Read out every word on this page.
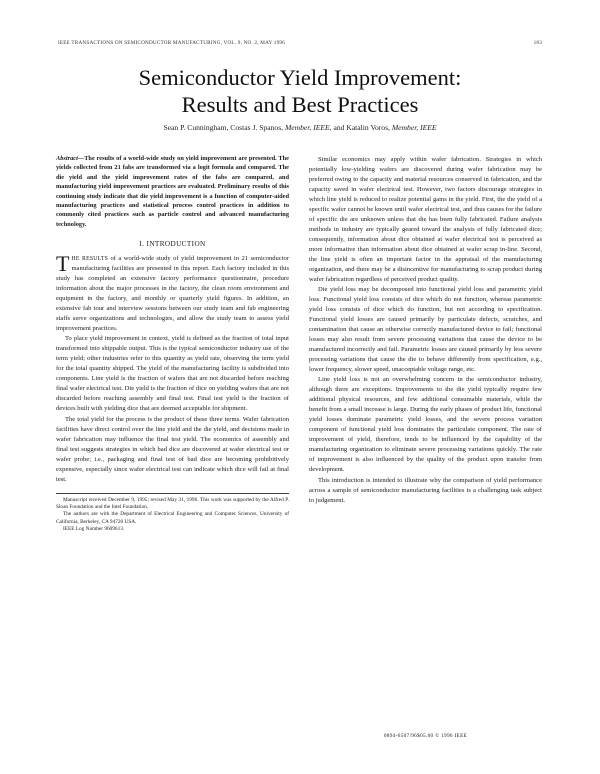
IEEE TRANSACTIONS ON SEMICONDUCTOR MANUFACTURING, VOL. 9, NO. 2, MAY 1996	183
Semiconductor Yield Improvement:
Results and Best Practices
Sean P. Cunningham, Costas J. Spanos, Member, IEEE, and Katalin Voros, Member, IEEE

Abstract—The results of a world-wide study on yield improvement are presented. The yields collected from 21 fabs are transformed via a logit formula and compared. The die yield and the yield improvement rates of the fabs are compared, and manufacturing yield improvement practices are evaluated. Preliminary results of this continuing study indicate that die yield improvement is a function of computer-aided manufacturing practices and statistical process control practices in addition to commonly cited practices such as particle control and advanced manufacturing technology.

I. INTRODUCTION

THE RESULTS of a world-wide study of yield improvement in 21 semiconductor manufacturing facilities are presented in this report. Each factory included in this study has completed an extensive factory performance questionnaire, procedure information about the major processes in the factory, the clean room environment and equipment in the factory, and monthly or quarterly yield figures. In addition, an extensive fab tour and interview sessions between our study team and fab engineering staffs serve organizations and technologies, and allow the study team to assess yield improvement practices.

To place yield improvement in context, yield is defined as the fraction of total input transformed into shippable output. This is the typical semiconductor industry use of the term yield; other industries refer to this quantity as yield rate, observing the term yield for the total quantity shipped. The yield of the manufacturing facility is subdivided into components. Line yield is the fraction of wafers that are not discarded before reaching final wafer electrical test. Die yield is the fraction of dice on yielding wafers that are not discarded before reaching assembly and final test. Final test yield is the fraction of devices built with yielding dice that are deemed acceptable for shipment.

The total yield for the process is the product of these three terms. Wafer fabrication facilities have direct control over the line yield and the die yield, and decisions made in wafer fabrication may influence the final test yield. The economics of assembly and final test suggests strategies in which bad dice are discovered at wafer electrical test or wafer probe; i.e., packaging and final test of bad dice are becoming prohibitively expensive, especially since wafer electrical test can indicate which dice will fail at final test.

Manuscript received December 9, 1995; revised May 31, 1996. This work was supported by the Alfred P. Sloan Foundation and the Intel Foundation.

The authors are with the Department of Electrical Engineering and Computer Sciences, University of California, Berkeley, CA 94720 USA.

IEEE Log Number 9609613.

Similar economics may apply within wafer fabrication. Strategies in which potentially low-yielding wafers are discovered during wafer fabrication may be preferred owing to the capacity and material resources conserved in fabrication, and the capacity saved in wafer electrical test. However, two factors discourage strategies in which line yield is reduced to realize potential gains in the yield. First, the die yield of a specific wafer cannot be known until wafer electrical test, and thus causes for the failure of specific die are unknown unless that die has been fully fabricated. Failure analysis methods in industry are typically geared toward the analysis of fully fabricated dice; consequently, information about dice obtained at wafer electrical test is perceived as more informative than information about dice obtained at wafer scrap in-line. Second, the line yield is often an important factor in the appraisal of the manufacturing organization, and there may be a disincentive for manufacturing to scrap product during wafer fabrication regardless of perceived product quality.

Die yield loss may be decomposed into functional yield loss and parametric yield loss. Functional yield loss consists of dice which do not function, whereas parametric yield loss consists of dice which do function, but not according to specification. Functional yield losses are caused primarily by particulate defects, scratches, and contamination that cause an otherwise correctly manufactured device to fail; functional losses may also result from severe processing variations that cause the device to be manufactured incorrectly and fail. Parametric losses are caused primarily by less severe processing variations that cause the die to behave differently from specification, e.g., lower frequency, slower speed, unacceptable voltage range, etc.

Line yield loss is not an overwhelming concern in the semiconductor industry, although there are exceptions. Improvements to the die yield typically require few additional physical resources, and few additional consumable materials, while the benefit from a small increase is large. During the early phases of product life, functional yield losses dominate parametric yield losses, and the severe process variation component of functional yield loss dominates the particulate component. The rate of improvement of yield, therefore, tends to be influenced by the capability of the manufacturing organization to eliminate severe processing variations quickly. The rate of improvement is also influenced by the quality of the product upon transfer from development.

This introduction is intended to illustrate why the comparison of yield performance across a sample of semiconductor manufacturing facilities is a challenging task subject to judgement.

0894-6507/96$05.00 © 1996 IEEE
